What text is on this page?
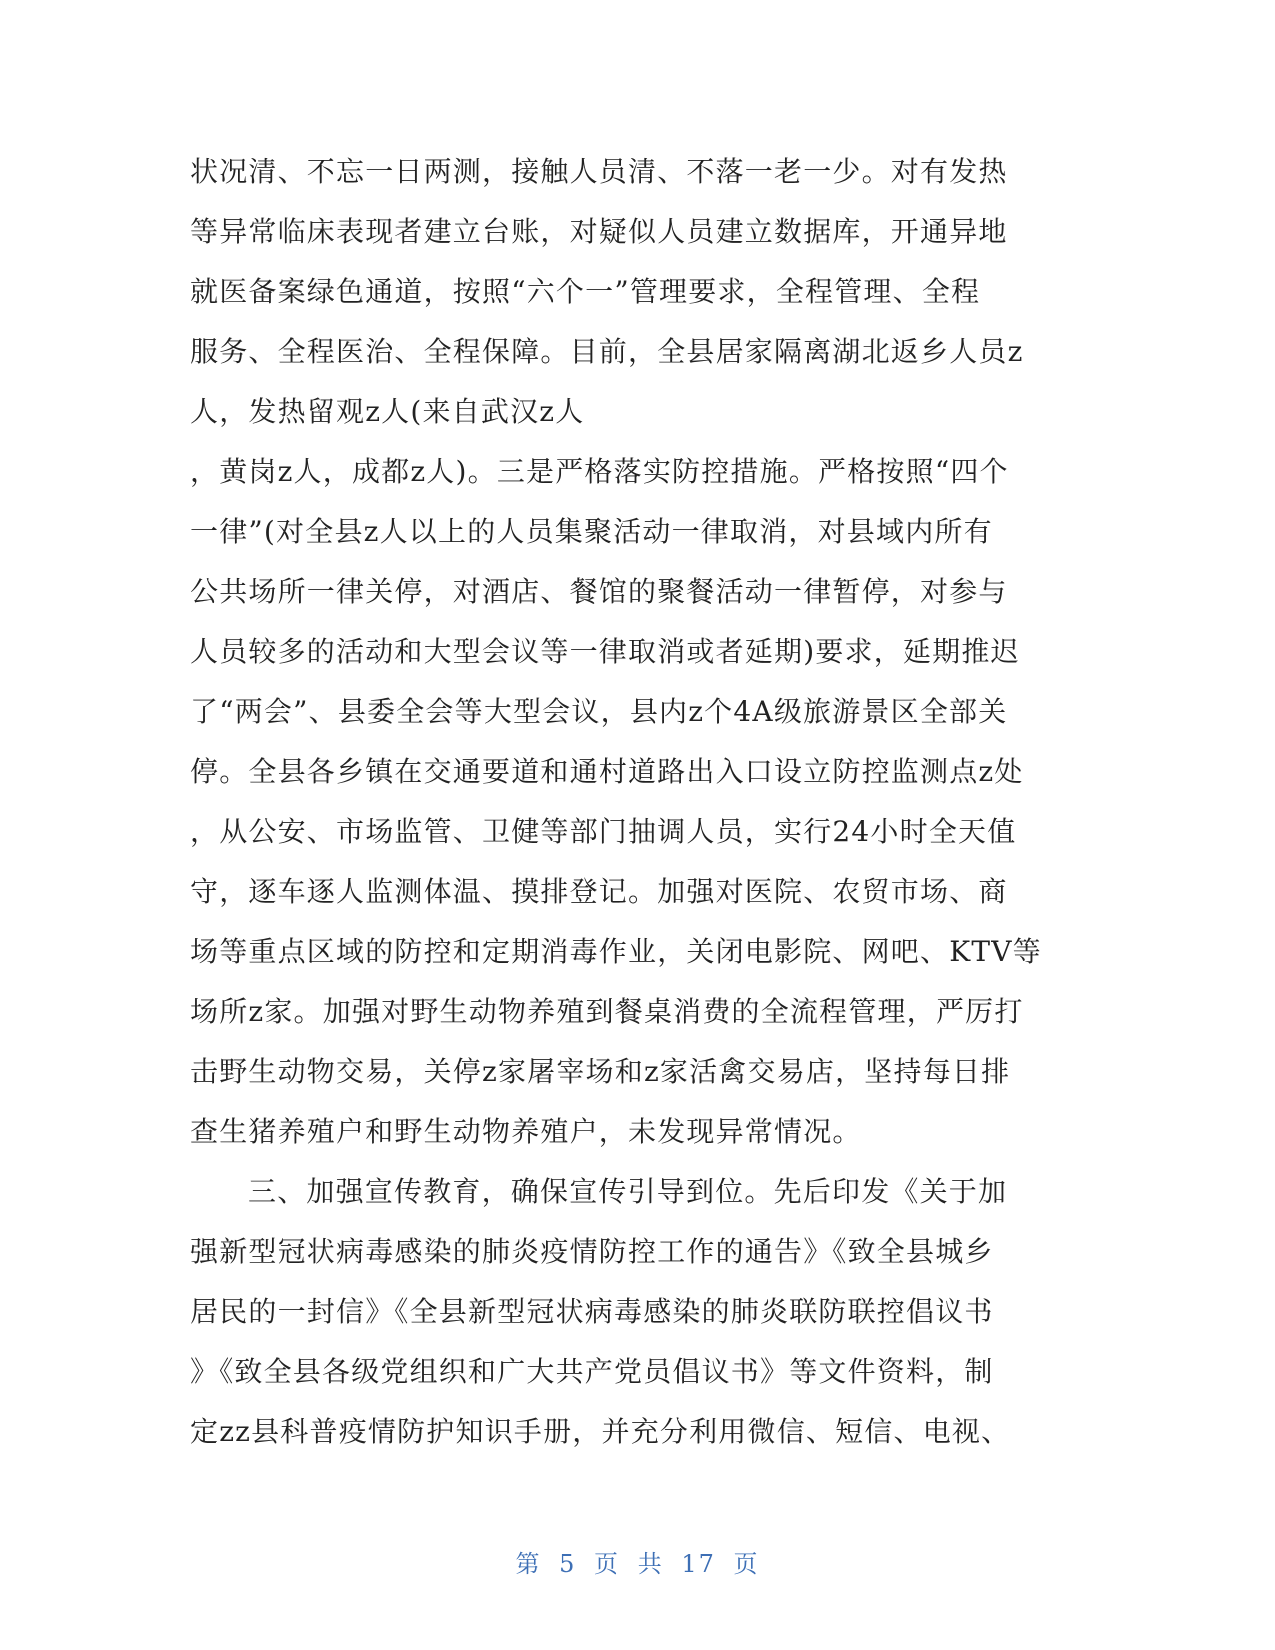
状况清、不忘一日两测，接触人员清、不落一老一少。对有发热
等异常临床表现者建立台账，对疑似人员建立数据库，开通异地
就医备案绿色通道，按照“六个一”管理要求，全程管理、全程
服务、全程医治、全程保障。目前，全县居家隔离湖北返乡人员z
人，发热留观z人(来自武汉z人
，黄岗z人，成都z人)。三是严格落实防控措施。严格按照“四个
一律”(对全县z人以上的人员集聚活动一律取消，对县域内所有
公共场所一律关停，对酒店、餐馆的聚餐活动一律暂停，对参与
人员较多的活动和大型会议等一律取消或者延期)要求，延期推迟
了“两会”、县委全会等大型会议，县内z个4A级旅游景区全部关
停。全县各乡镇在交通要道和通村道路出入口设立防控监测点z处
，从公安、市场监管、卫健等部门抽调人员，实行24小时全天值
守，逐车逐人监测体温、摸排登记。加强对医院、农贸市场、商
场等重点区域的防控和定期消毒作业，关闭电影院、网吧、KTV等
场所z家。加强对野生动物养殖到餐桌消费的全流程管理，严厉打
击野生动物交易，关停z家屠宰场和z家活禽交易店，坚持每日排
查生猪养殖户和野生动物养殖户，未发现异常情况。
三、加强宣传教育，确保宣传引导到位。先后印发《关于加
强新型冠状病毒感染的肺炎疫情防控工作的通告》《致全县城乡
居民的一封信》《全县新型冠状病毒感染的肺炎联防联控倡议书
》《致全县各级党组织和广大共产党员倡议书》等文件资料，制
定zz县科普疫情防护知识手册，并充分利用微信、短信、电视、
第 5 页 共 17 页
